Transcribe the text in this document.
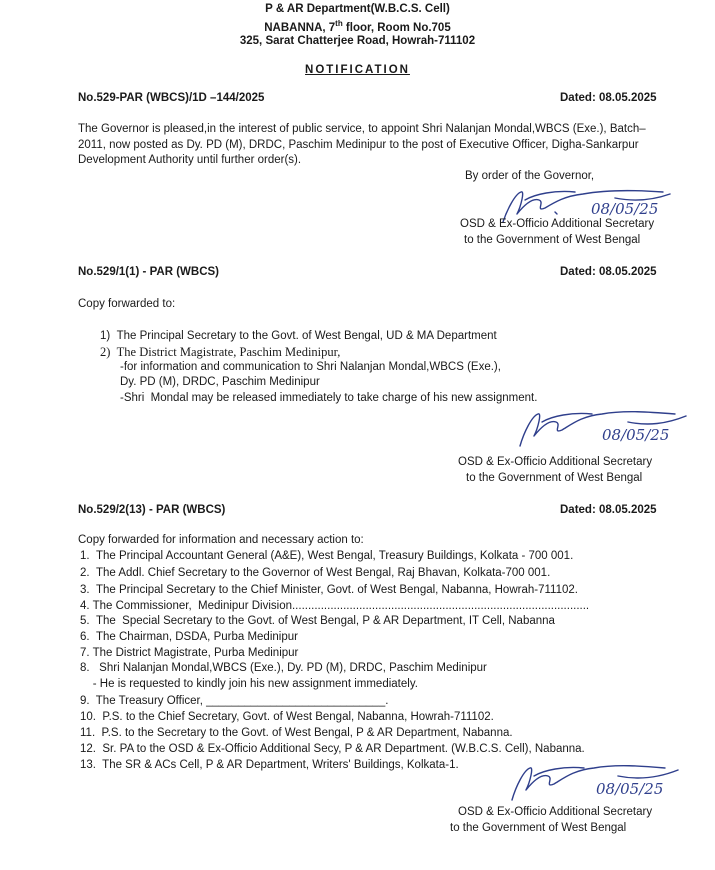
P & AR Department(W.B.C.S. Cell)
NABANNA, 7th floor, Room No.705
325, Sarat Chatterjee Road, Howrah-711102
NOTIFICATION
No.529-PAR (WBCS)/1D –144/2025	Dated: 08.05.2025
The Governor is pleased,in the interest of public service, to appoint Shri Nalanjan Mondal,WBCS (Exe.), Batch–2011, now posted as Dy. PD (M), DRDC, Paschim Medinipur to the post of Executive Officer, Digha-Sankarpur Development Authority until further order(s).
By order of the Governor,
08/05/25
OSD & Ex-Officio Additional Secretary
to the Government of West Bengal
No.529/1(1) - PAR (WBCS)	Dated: 08.05.2025
Copy forwarded to:
1)  The Principal Secretary to the Govt. of West Bengal, UD & MA Department
2)  The District Magistrate, Paschim Medinipur,
-for information and communication to Shri Nalanjan Mondal,WBCS (Exe.),
Dy. PD (M), DRDC, Paschim Medinipur
-Shri  Mondal may be released immediately to take charge of his new assignment.
08/05/25
OSD & Ex-Officio Additional Secretary
to the Government of West Bengal
No.529/2(13) - PAR (WBCS)	Dated: 08.05.2025
Copy forwarded for information and necessary action to:
1.  The Principal Accountant General (A&E), West Bengal, Treasury Buildings, Kolkata - 700 001.
2.  The Addl. Chief Secretary to the Governor of West Bengal, Raj Bhavan, Kolkata-700 001.
3.  The Principal Secretary to the Chief Minister, Govt. of West Bengal, Nabanna, Howrah-711102.
4. The Commissioner,  Medinipur Division.............................................................................................
5.  The  Special Secretary to the Govt. of West Bengal, P & AR Department, IT Cell, Nabanna
6.  The Chairman, DSDA, Purba Medinipur
7. The District Magistrate, Purba Medinipur
8.   Shri Nalanjan Mondal,WBCS (Exe.), Dy. PD (M), DRDC, Paschim Medinipur
- He is requested to kindly join his new assignment immediately.
9.  The Treasury Officer, ____________________________.
10.  P.S. to the Chief Secretary, Govt. of West Bengal, Nabanna, Howrah-711102.
11.  P.S. to the Secretary to the Govt. of West Bengal, P & AR Department, Nabanna.
12.  Sr. PA to the OSD & Ex-Officio Additional Secy, P & AR Department. (W.B.C.S. Cell), Nabanna.
13.  The SR & ACs Cell, P & AR Department, Writers' Buildings, Kolkata-1.
08/05/25
OSD & Ex-Officio Additional Secretary
to the Government of West Bengal
